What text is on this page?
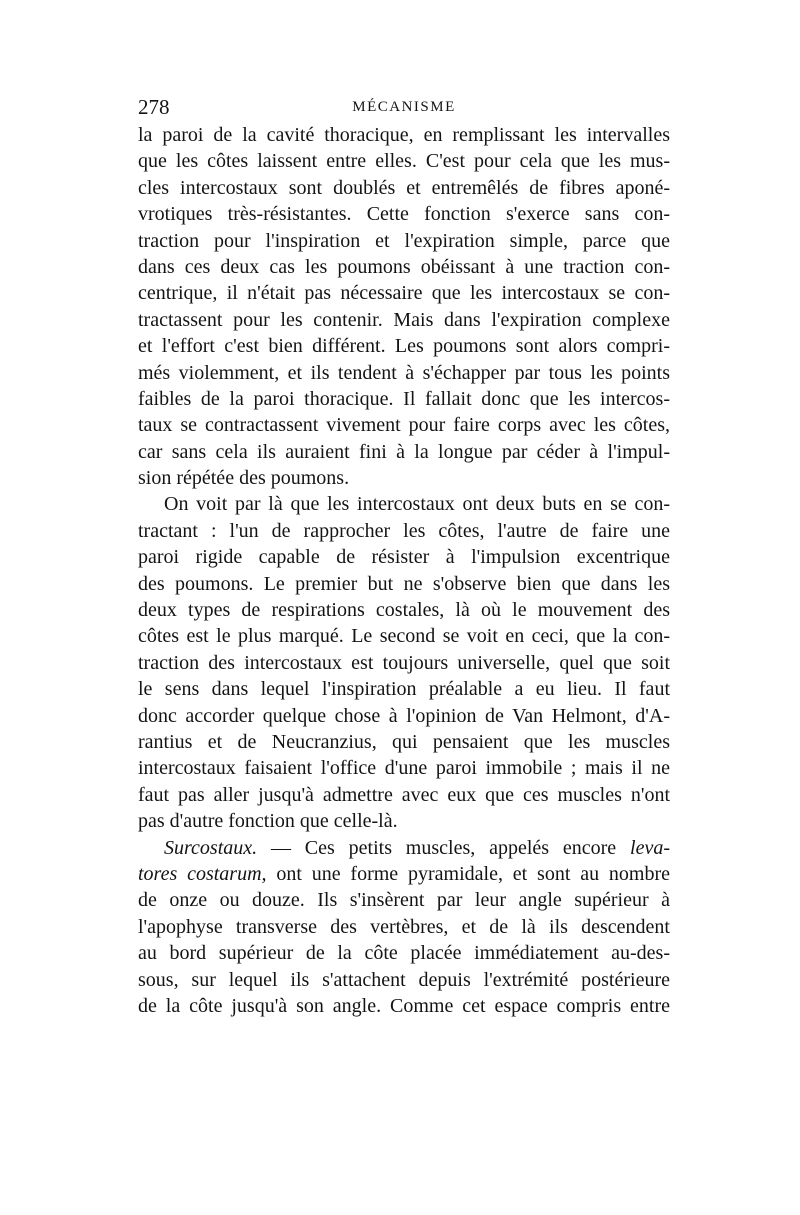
278	MÉCANISME
la paroi de la cavité thoracique, en remplissant les intervalles
que les côtes laissent entre elles. C'est pour cela que les mus-
cles intercostaux sont doublés et entremêlés de fibres aponé-
vrotiques très-résistantes. Cette fonction s'exerce sans con-
traction pour l'inspiration et l'expiration simple, parce que
dans ces deux cas les poumons obéissant à une traction con-
centrique, il n'était pas nécessaire que les intercostaux se con-
tractassent pour les contenir. Mais dans l'expiration complexe
et l'effort c'est bien différent. Les poumons sont alors compri-
més violemment, et ils tendent à s'échapper par tous les points
faibles de la paroi thoracique. Il fallait donc que les intercos-
taux se contractassent vivement pour faire corps avec les côtes,
car sans cela ils auraient fini à la longue par céder à l'impul-
sion répétée des poumons.
On voit par là que les intercostaux ont deux buts en se con-
tractant : l'un de rapprocher les côtes, l'autre de faire une
paroi rigide capable de résister à l'impulsion excentrique
des poumons. Le premier but ne s'observe bien que dans les
deux types de respirations costales, là où le mouvement des
côtes est le plus marqué. Le second se voit en ceci, que la con-
traction des intercostaux est toujours universelle, quel que soit
le sens dans lequel l'inspiration préalable a eu lieu. Il faut
donc accorder quelque chose à l'opinion de Van Helmont, d'A-
rantius et de Neucranzius, qui pensaient que les muscles
intercostaux faisaient l'office d'une paroi immobile ; mais il ne
faut pas aller jusqu'à admettre avec eux que ces muscles n'ont
pas d'autre fonction que celle-là.
Surcostaux. — Ces petits muscles, appelés encore leva-
tores costarum, ont une forme pyramidale, et sont au nombre
de onze ou douze. Ils s'insèrent par leur angle supérieur à
l'apophyse transverse des vertèbres, et de là ils descendent
au bord supérieur de la côte placée immédiatement au-des-
sous, sur lequel ils s'attachent depuis l'extrémité postérieure
de la côte jusqu'à son angle. Comme cet espace compris entre
